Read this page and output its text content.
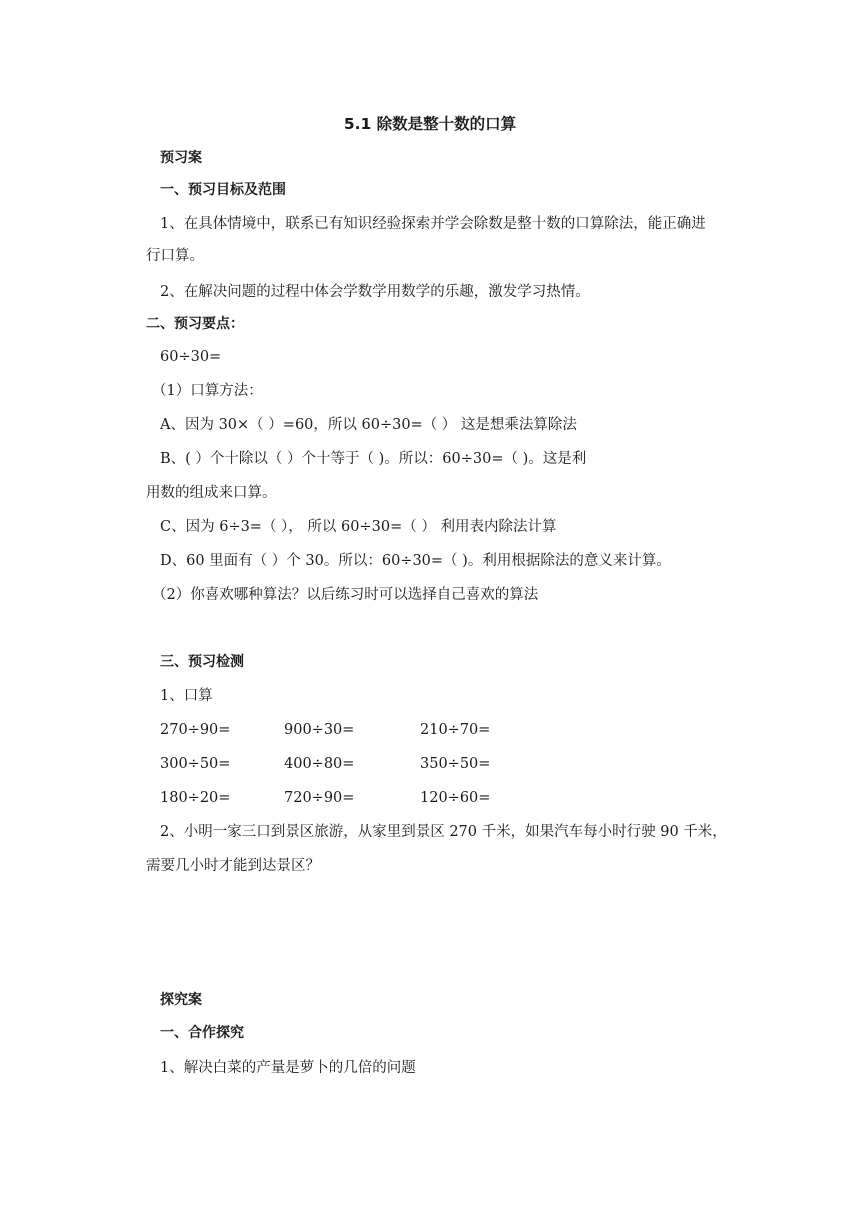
5.1 除数是整十数的口算
预习案
一、预习目标及范围
1、在具体情境中，联系已有知识经验探索并学会除数是整十数的口算除法，能正确进
行口算。
2、在解决问题的过程中体会学数学用数学的乐趣，激发学习热情。
二、预习要点：
60÷30=
（1）口算方法：
A、因为 30×（ ）=60，所以 60÷30=（ ） 这是想乘法算除法
B、( ）个十除以（ ）个十等于（ )。所以：60÷30=（ )。这是利
用数的组成来口算。
C、因为 6÷3=（ ）， 所以 60÷30=（ ） 利用表内除法计算
D、60 里面有（ ）个 30。所以：60÷30=（ )。利用根据除法的意义来计算。
（2）你喜欢哪种算法？以后练习时可以选择自己喜欢的算法
三、预习检测
1、口算
270÷90=	900÷30=	210÷70=
300÷50=	400÷80=	350÷50=
180÷20=	720÷90=	120÷60=
2、小明一家三口到景区旅游，从家里到景区 270 千米，如果汽车每小时行驶 90 千米，
需要几小时才能到达景区？
探究案
一、合作探究
1、解决白菜的产量是萝卜的几倍的问题
